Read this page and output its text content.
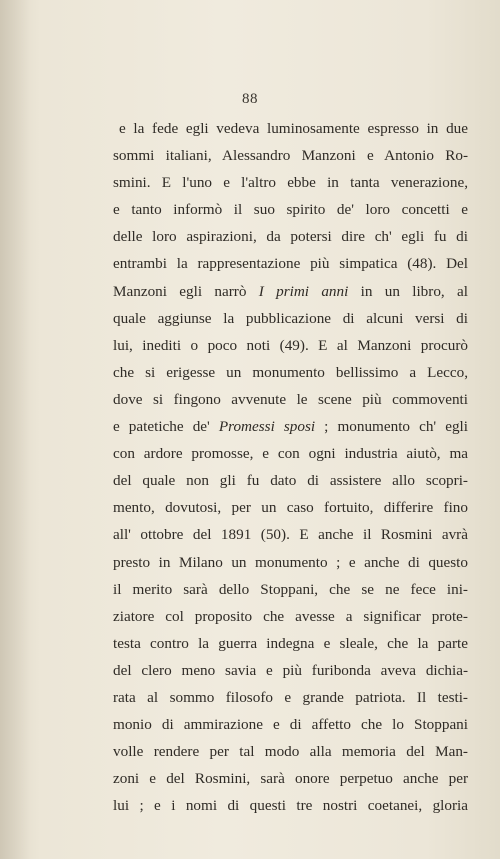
88
e la fede egli vedeva luminosamente espresso in due
sommi italiani, Alessandro Manzoni e Antonio Ro-
smini. E l'uno e l'altro ebbe in tanta venerazione,
e tanto informò il suo spirito de' loro concetti e
delle loro aspirazioni, da potersi dire ch' egli fu di
entrambi la rappresentazione più simpatica (48). Del
Manzoni egli narrò I primi anni in un libro, al
quale aggiunse la pubblicazione di alcuni versi di
lui, inediti o poco noti (49). E al Manzoni procurò
che si erigesse un monumento bellissimo a Lecco,
dove si fingono avvenute le scene più commoventi
e patetiche de' Promessi sposi ; monumento ch' egli
con ardore promosse, e con ogni industria aiutò, ma
del quale non gli fu dato di assistere allo scopri-
mento, dovutosi, per un caso fortuito, differire fino
all' ottobre del 1891 (50). E anche il Rosmini avrà
presto in Milano un monumento ; e anche di questo
il merito sarà dello Stoppani, che se ne fece ini-
ziatore col proposito che avesse a significar prote-
testa contro la guerra indegna e sleale, che la parte
del clero meno savia e più furibonda aveva dichia-
rata al sommo filosofo e grande patriota. Il testi-
monio di ammirazione e di affetto che lo Stoppani
volle rendere per tal modo alla memoria del Man-
zoni e del Rosmini, sarà onore perpetuo anche per
lui ; e i nomi di questi tre nostri coetanei, gloria
